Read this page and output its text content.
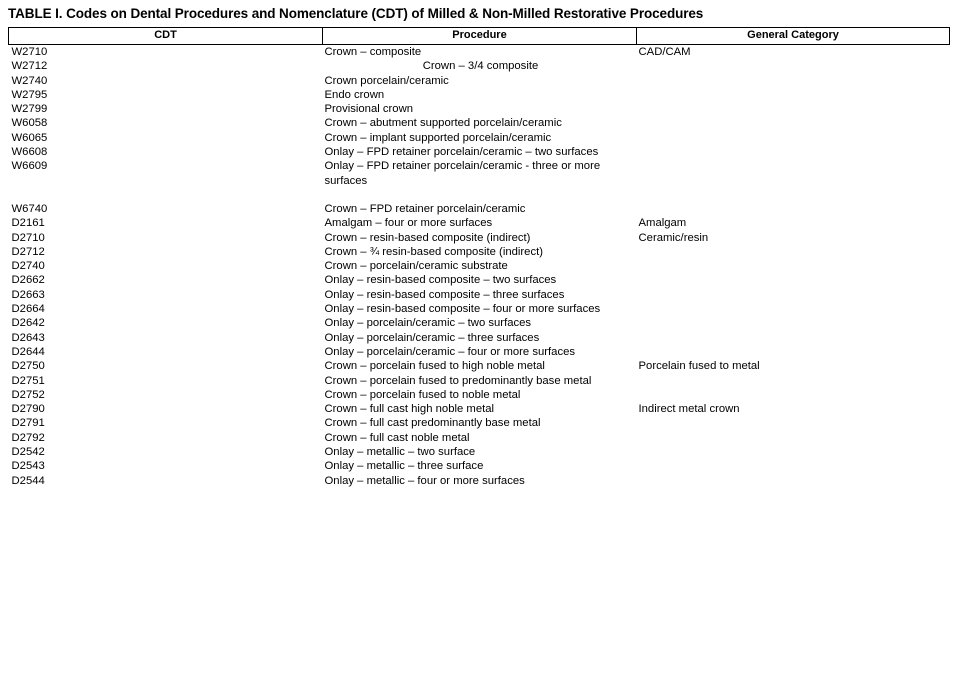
TABLE I. Codes on Dental Procedures and Nomenclature (CDT) of Milled & Non-Milled Restorative Procedures
CDT	Procedure	General Category
W2710	Crown – composite	CAD/CAM
W2712	Crown – 3/4 composite	
W2740	Crown porcelain/ceramic	
W2795	Endo crown	
W2799	Provisional crown	
W6058	Crown – abutment supported porcelain/ceramic	
W6065	Crown – implant supported porcelain/ceramic	
W6608	Onlay – FPD retainer porcelain/ceramic – two surfaces	
W6609	Onlay – FPD retainer porcelain/ceramic - three or more surfaces	

W6740	Crown – FPD retainer porcelain/ceramic	
D2161	Amalgam – four or more surfaces	Amalgam
D2710	Crown – resin-based composite (indirect)	Ceramic/resin
D2712	Crown – ¾ resin-based composite (indirect)	
D2740	Crown – porcelain/ceramic substrate	
D2662	Onlay – resin-based composite – two surfaces	
D2663	Onlay – resin-based composite – three surfaces	
D2664	Onlay – resin-based composite – four or more surfaces	
D2642	Onlay – porcelain/ceramic – two surfaces	
D2643	Onlay – porcelain/ceramic – three surfaces	
D2644	Onlay – porcelain/ceramic – four or more surfaces	
D2750	Crown – porcelain fused to high noble metal	Porcelain fused to metal
D2751	Crown – porcelain fused to predominantly base metal	
D2752	Crown – porcelain fused to noble metal	
D2790	Crown – full cast high noble metal	Indirect metal crown
D2791	Crown – full cast predominantly base metal	
D2792	Crown – full cast noble metal	
D2542	Onlay – metallic – two surface	
D2543	Onlay – metallic – three surface	
D2544	Onlay – metallic – four or more surfaces	
